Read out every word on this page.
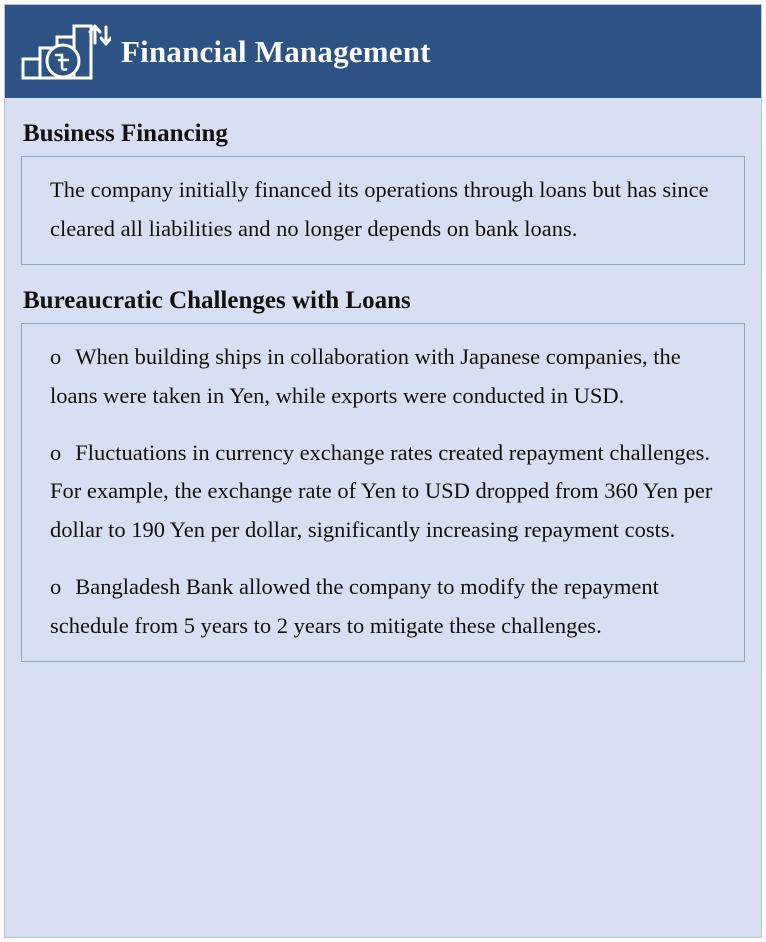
Financial Management
Business Financing

The company initially financed its operations through loans but has since cleared all liabilities and no longer depends on bank loans.

Bureaucratic Challenges with Loans

o When building ships in collaboration with Japanese companies, the loans were taken in Yen, while exports were conducted in USD.

o Fluctuations in currency exchange rates created repayment challenges. For example, the exchange rate of Yen to USD dropped from 360 Yen per dollar to 190 Yen per dollar, significantly increasing repayment costs.

o Bangladesh Bank allowed the company to modify the repayment schedule from 5 years to 2 years to mitigate these challenges.
